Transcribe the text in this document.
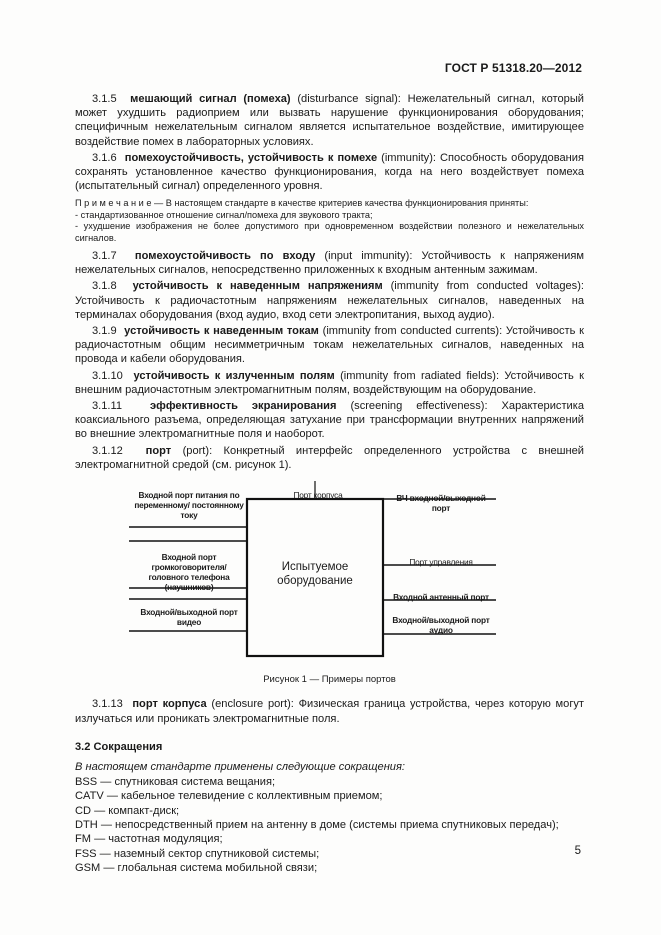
ГОСТ Р 51318.20—2012

3.1.5 мешающий сигнал (помеха) (disturbance signal): Нежелательный сигнал, который может ухудшить радиоприем или вызвать нарушение функционирования оборудования; специфичным нежелательным сигналом является испытательное воздействие, имитирующее воздействие помех в лабораторных условиях.

3.1.6 помехоустойчивость, устойчивость к помехе (immunity): Способность оборудования сохранять установленное качество функционирования, когда на него воздействует помеха (испытательный сигнал) определенного уровня.

П р и м е ч а н и е — В настоящем стандарте в качестве критериев качества функционирования приняты:
- стандартизованное отношение сигнал/помеха для звукового тракта;
- ухудшение изображения не более допустимого при одновременном воздействии полезного и нежелательных сигналов.

3.1.7 помехоустойчивость по входу (input immunity): Устойчивость к напряжениям нежелательных сигналов, непосредственно приложенных к входным антенным зажимам.

3.1.8 устойчивость к наведенным напряжениям (immunity from conducted voltages): Устойчивость к радиочастотным напряжениям нежелательных сигналов, наведенных на терминалах оборудования (вход аудио, вход сети электропитания, выход аудио).

3.1.9 устойчивость к наведенным токам (immunity from conducted currents): Устойчивость к радиочастотным общим несимметричным токам нежелательных сигналов, наведенных на провода и кабели оборудования.

3.1.10 устойчивость к излученным полям (immunity from radiated fields): Устойчивость к внешним радиочастотным электромагнитным полям, воздействующим на оборудование.

3.1.11	эффективность экранирования (screening effectiveness): Характеристика коаксиального разъема, определяющая затухание при трансформации внутренних напряжений во внешние электромагнитные поля и наоборот.

3.1.12 порт (port): Конкретный интерфейс определенного устройства с внешней электромагнитной средой (см. рисунок 1).

Порт корпуса
Входной порт питания по переменному/ постоянному току
Входной порт громкоговорителя/ головного телефона (наушников)
Входной/выходной порт видео
ВЧ входной/выходной порт
Порт управления
Входной антенный порт
Входной/выходной порт аудио
Испытуемое оборудование
Рисунок 1 — Примеры портов

3.1.13 порт корпуса (enclosure port): Физическая граница устройства, через которую могут излучаться или проникать электромагнитные поля.

3.2 Сокращения
В настоящем стандарте применены следующие сокращения:
BSS — спутниковая система вещания;
CATV — кабельное телевидение с коллективным приемом;
CD — компакт-диск;
DTH — непосредственный прием на антенну в доме (системы приема спутниковых передач);
FM — частотная модуляция;
FSS — наземный сектор спутниковой системы;
GSM — глобальная система мобильной связи;
5
